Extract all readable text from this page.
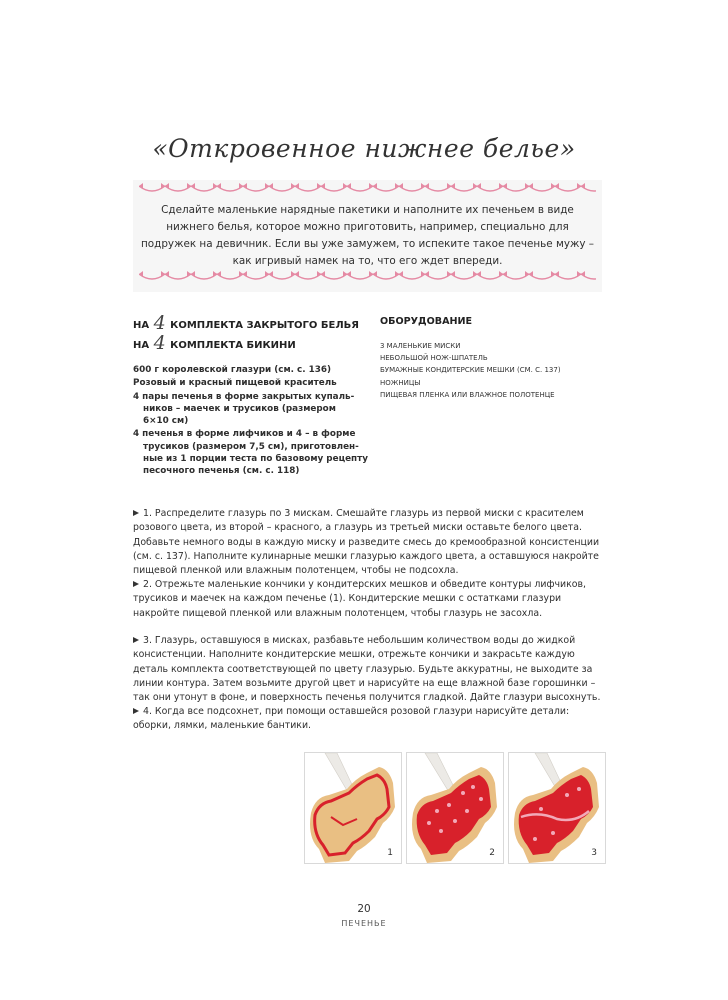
«Откровенное нижнее белье»
Сделайте маленькие нарядные пакетики и наполните их печеньем в виде нижнего белья, которое можно приготовить, например, специально для подружек на девичник. Если вы уже замужем, то испеките такое печенье мужу – как игривый намек на то, что его ждет впереди.
НА 4 КОМПЛЕКТА ЗАКРЫТОГО БЕЛЬЯ
НА 4 КОМПЛЕКТА БИКИНИ
600 г королевской глазури (см. с. 136)
Розовый и красный пищевой краситель
4 пары печенья в форме закрытых купаль-
ников – маечек и трусиков (размером
6×10 см)
4 печенья в форме лифчиков и 4 – в форме
трусиков (размером 7,5 см), приготовлен-
ные из 1 порции теста по базовому рецепту
песочного печенья (см. с. 118)
ОБОРУДОВАНИЕ
3 МАЛЕНЬКИЕ МИСКИ
НЕБОЛЬШОЙ НОЖ-ШПАТЕЛЬ
БУМАЖНЫЕ КОНДИТЕРСКИЕ МЕШКИ (СМ. С. 137)
НОЖНИЦЫ
ПИЩЕВАЯ ПЛЕНКА ИЛИ ВЛАЖНОЕ ПОЛОТЕНЦЕ
1. Распределите глазурь по 3 мискам. Смешайте глазурь из первой миски с красителем розового цвета, из второй – красного, а глазурь из третьей миски оставьте белого цвета. Добавьте немного воды в каждую миску и разведите смесь до кремообразной консистенции (см. с. 137). Наполните кулинарные мешки глазурью каждого цвета, а оставшуюся накройте пищевой пленкой или влажным полотенцем, чтобы не подсохла.
2. Отрежьте маленькие кончики у кондитерских мешков и обведите контуры лифчиков, трусиков и маечек на каждом печенье (1). Кондитерские мешки с остатками глазури накройте пищевой пленкой или влажным полотенцем, чтобы глазурь не засохла.
3. Глазурь, оставшуюся в мисках, разбавьте небольшим количеством воды до жидкой консистенции. Наполните кондитерские мешки, отрежьте кончики и закрасьте каждую деталь комплекта соответствующей по цвету глазурью. Будьте аккуратны, не выходите за линии контура. Затем возьмите другой цвет и нарисуйте на еще влажной базе горошинки – так они утонут в фоне, и поверхность печенья получится гладкой. Дайте глазури высохнуть.
4. Когда все подсохнет, при помощи оставшейся розовой глазури нарисуйте детали: оборки, лямки, маленькие бантики.
1	2	3
20
ПЕЧЕНЬЕ
